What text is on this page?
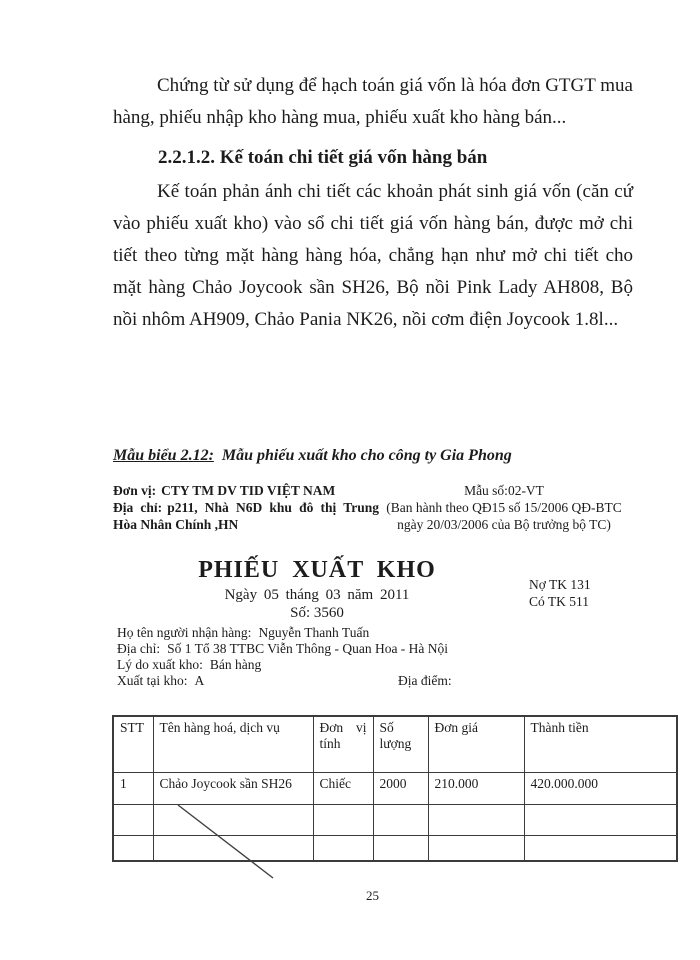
Chứng từ sử dụng để hạch toán giá vốn là hóa đơn GTGT mua hàng, phiếu nhập kho hàng mua, phiếu xuất kho hàng bán...

2.2.1.2. Kế toán chi tiết giá vốn hàng bán

Kế toán phản ánh chi tiết các khoản phát sinh giá vốn (căn cứ vào phiếu xuất kho) vào sổ chi tiết giá vốn hàng bán, được mở chi tiết theo từng mặt hàng hàng hóa, chẳng hạn như mở chi tiết cho mặt hàng Chảo Joycook sần SH26, Bộ nồi Pink Lady AH808, Bộ nồi nhôm AH909, Chảo Pania NK26, nồi cơm điện Joycook 1.8l...

Mẫu biểu 2.12: Mẫu phiếu xuất kho cho công ty Gia Phong
Đơn vị: CTY TM DV TID VIỆT NAM
Địa chỉ: p211, Nhà N6D khu đô thị Trung Hòa Nhân Chính ,HN
Mẫu số:02-VT
(Ban hành theo QĐ15 số 15/2006 QĐ-BTC ngày 20/03/2006 của Bộ trưởng bộ TC)
PHIẾU XUẤT KHO
Ngày 05 tháng 03 năm 2011
Số: 3560
Nợ TK 131
Có TK 511
Họ tên người nhận hàng: Nguyễn Thanh Tuấn
Địa chỉ: Số 1 Tổ 38 TTBC Viễn Thông - Quan Hoa - Hà Nội
Lý do xuất kho: Bán hàng
Xuất tại kho: A	Địa điểm:
STT	Tên hàng hoá, dịch vụ	Đơn vị tính	Số lượng	Đơn giá	Thành tiền
1	Chảo Joycook sần SH26	Chiếc	2000	210.000	420.000.000

25
